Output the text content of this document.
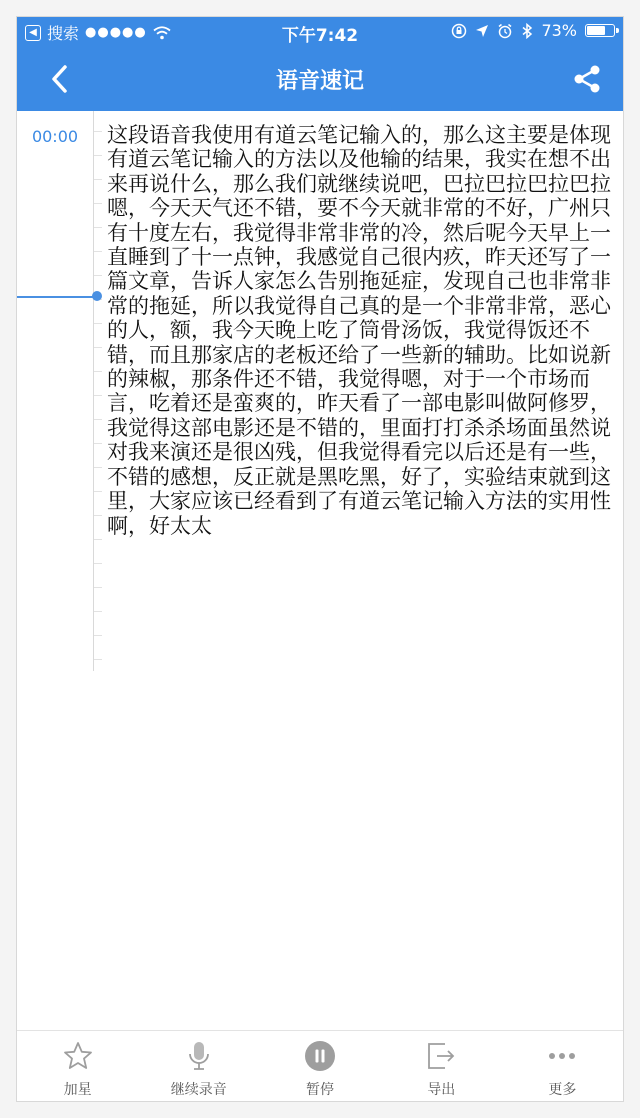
◀ 搜索 ●●●●●	下午7:42	73%
语音速记
00:00 这段语音我使用有道云笔记输入的，那么这主要是体现有道云笔记输入的方法以及他输的结果，我实在想不出来再说什么，那么我们就继续说吧，巴拉巴拉巴拉巴拉嗯，今天天气还不错，要不今天就非常的不好，广州只有十度左右，我觉得非常非常的冷，然后呢今天早上一直睡到了十一点钟，我感觉自己很内疚，昨天还写了一篇文章，告诉人家怎么告别拖延症，发现自己也非常非常的拖延，所以我觉得自己真的是一个非常非常，恶心的人，额，我今天晚上吃了筒骨汤饭，我觉得饭还不错，而且那家店的老板还给了一些新的辅助。比如说新的辣椒，那条件还不错，我觉得嗯，对于一个市场而言，吃着还是蛮爽的，昨天看了一部电影叫做阿修罗，我觉得这部电影还是不错的，里面打打杀杀场面虽然说对我来演还是很凶残，但我觉得看完以后还是有一些，不错的感想，反正就是黑吃黑，好了，实验结束就到这里，大家应该已经看到了有道云笔记输入方法的实用性啊，好太太

加星	继续录音	暂停	导出	更多
